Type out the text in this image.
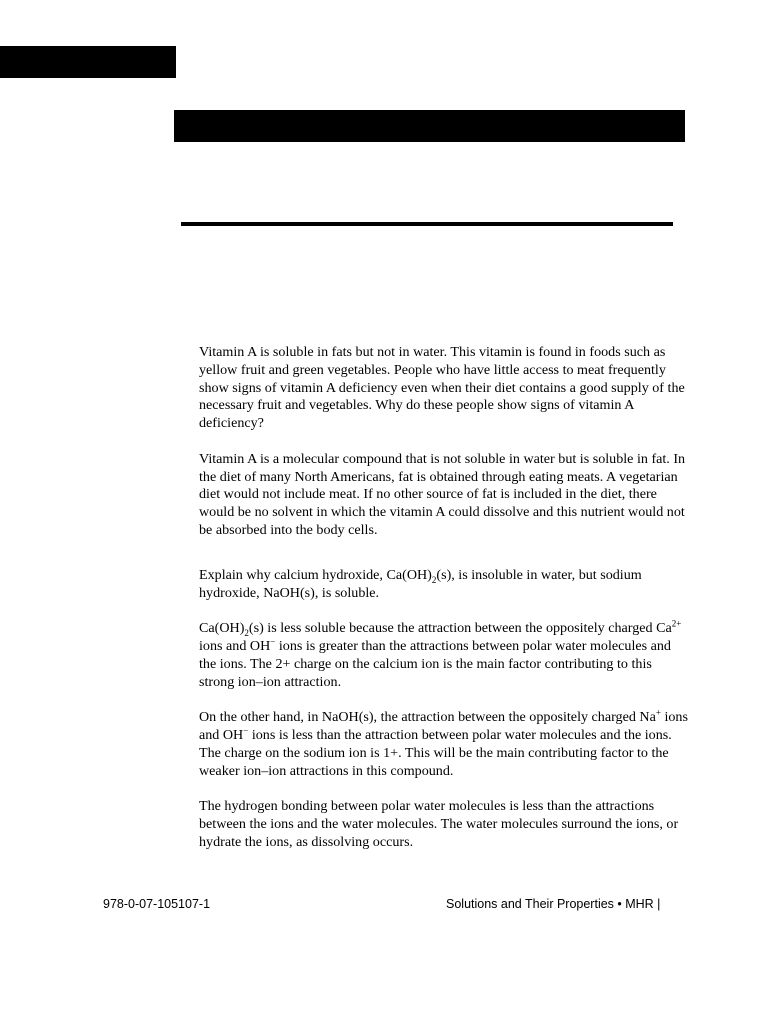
Vitamin A is soluble in fats but not in water. This vitamin is found in foods such as yellow fruit and green vegetables. People who have little access to meat frequently show signs of vitamin A deficiency even when their diet contains a good supply of the necessary fruit and vegetables. Why do these people show signs of vitamin A deficiency?

Vitamin A is a molecular compound that is not soluble in water but is soluble in fat. In the diet of many North Americans, fat is obtained through eating meats. A vegetarian diet would not include meat. If no other source of fat is included in the diet, there would be no solvent in which the vitamin A could dissolve and this nutrient would not be absorbed into the body cells.

Explain why calcium hydroxide, $Ca(OH)_2(s)$, is insoluble in water, but sodium hydroxide, NaOH(s), is soluble.

$Ca(OH)_2(s)$ is less soluble because the attraction between the oppositely charged $Ca^{2+}$ ions and OH− ions is greater than the attractions between polar water molecules and the ions. The 2+ charge on the calcium ion is the main factor contributing to this strong ion–ion attraction.

On the other hand, in NaOH(s), the attraction between the oppositely charged Na+ ions and OH− ions is less than the attraction between polar water molecules and the ions. The charge on the sodium ion is 1+. This will be the main contributing factor to the weaker ion–ion attractions in this compound.

The hydrogen bonding between polar water molecules is less than the attractions between the ions and the water molecules. The water molecules surround the ions, or hydrate the ions, as dissolving occurs.

978-0-07-105107-1	Solutions and Their Properties • MHR |
